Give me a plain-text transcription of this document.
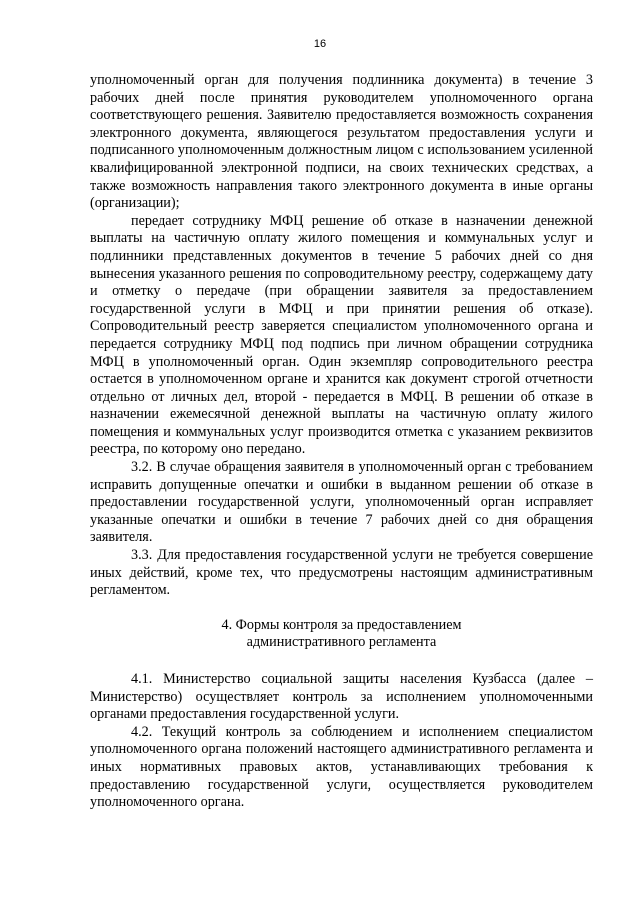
16

уполномоченный орган для получения подлинника документа) в течение 3 рабочих дней после принятия руководителем уполномоченного органа соответствующего решения. Заявителю предоставляется возможность сохранения электронного документа, являющегося результатом предоставления услуги и подписанного уполномоченным должностным лицом с использованием усиленной квалифицированной электронной подписи, на своих технических средствах, а также возможность направления такого электронного документа в иные органы (организации);

передает сотруднику МФЦ решение об отказе в назначении денежной выплаты на частичную оплату жилого помещения и коммунальных услуг и подлинники представленных документов в течение 5 рабочих дней со дня вынесения указанного решения по сопроводительному реестру, содержащему дату и отметку о передаче (при обращении заявителя за предоставлением государственной услуги в МФЦ и при принятии решения об отказе). Сопроводительный реестр заверяется специалистом уполномоченного органа и передается сотруднику МФЦ под подпись при личном обращении сотрудника МФЦ в уполномоченный орган. Один экземпляр сопроводительного реестра остается в уполномоченном органе и хранится как документ строгой отчетности отдельно от личных дел, второй - передается в МФЦ. В решении об отказе в назначении ежемесячной денежной выплаты на частичную оплату жилого помещения и коммунальных услуг производится отметка с указанием реквизитов реестра, по которому оно передано.

3.2. В случае обращения заявителя в уполномоченный орган с требованием исправить допущенные опечатки и ошибки в выданном решении об отказе в предоставлении государственной услуги, уполномоченный орган исправляет указанные опечатки и ошибки в течение 7 рабочих дней со дня обращения заявителя.

3.3. Для предоставления государственной услуги не требуется совершение иных действий, кроме тех, что предусмотрены настоящим административным регламентом.

4. Формы контроля за предоставлением
административного регламента

4.1. Министерство социальной защиты населения Кузбасса (далее – Министерство) осуществляет контроль за исполнением уполномоченными органами предоставления государственной услуги.

4.2. Текущий контроль за соблюдением и исполнением специалистом уполномоченного органа положений настоящего административного регламента и иных нормативных правовых актов, устанавливающих требования к предоставлению государственной услуги, осуществляется руководителем уполномоченного органа.
